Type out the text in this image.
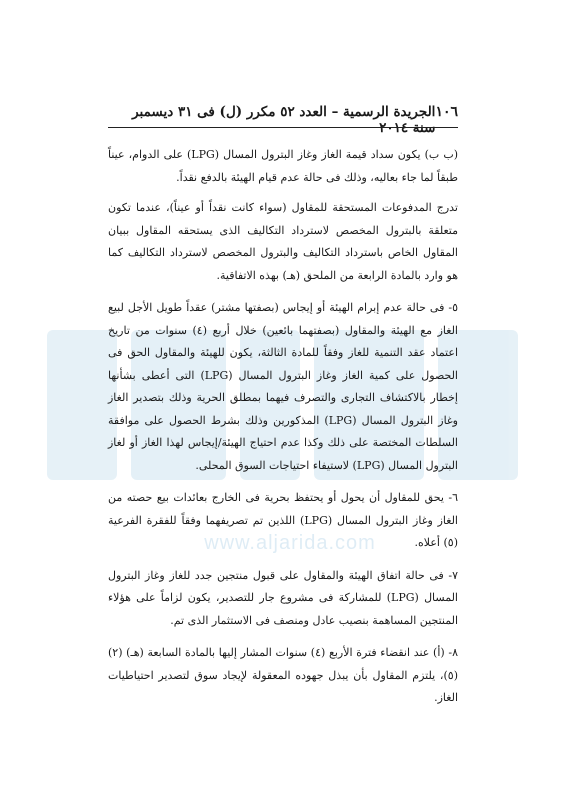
www.aljarida.com
١٠٦
الجريدة الرسمية – العدد ٥٢ مكرر (ل) فى ٣١ ديسمبر سنة ٢٠١٤

(ب ب) يكون سداد قيمة الغاز وغاز البترول المسال (LPG) على الدوام، عيناً طبقاً لما جاء بعاليه، وذلك فى حالة عدم قيام الهيئة بالدفع نقداً.

تدرج المدفوعات المستحقة للمقاول (سواء كانت نقداً أو عيناً)، عندما تكون متعلقة بالبترول المخصص لاسترداد التكاليف الذى يستحقه المقاول ببيان المقاول الخاص باسترداد التكاليف والبترول المخصص لاسترداد التكاليف كما هو وارد بالمادة الرابعة من الملحق (هـ) بهذه الاتفاقية.

٥- فى حالة عدم إبرام الهيئة أو إيجاس (بصفتها مشتر) عقداً طويل الأجل لبيع الغاز مع الهيئة والمقاول (بصفتهما بائعين) خلال أربع (٤) سنوات من تاريخ اعتماد عقد التنمية للغاز وفقاً للمادة الثالثة، يكون للهيئة والمقاول الحق فى الحصول على كمية الغاز وغاز البترول المسال (LPG) التى أعطى بشأنها إخطار بالاكتشاف التجارى والتصرف فيهما بمطلق الحرية وذلك بتصدير الغاز وغاز البترول المسال (LPG) المذكورين وذلك بشرط الحصول على موافقة السلطات المختصة على ذلك وكذا عدم احتياج الهيئة/إيجاس لهذا الغاز أو لغاز البترول المسال (LPG) لاستيفاء احتياجات السوق المحلى.

٦- يحق للمقاول أن يحول أو يحتفظ بحرية فى الخارج بعائدات بيع حصته من الغاز وغاز البترول المسال (LPG) اللذين تم تصريفهما وفقاً للفقرة الفرعية (٥) أعلاه.

٧- فى حالة اتفاق الهيئة والمقاول على قبول منتجين جدد للغاز وغاز البترول المسال (LPG) للمشاركة فى مشروع جار للتصدير، يكون لزاماً على هؤلاء المنتجين المساهمة بنصيب عادل ومنصف فى الاستثمار الذى تم.

٨- (أ) عند انقضاء فترة الأربع (٤) سنوات المشار إليها بالمادة السابعة (هـ) (٢) (٥)، يلتزم المقاول بأن يبذل جهوده المعقولة لإيجاد سوق لتصدير احتياطيات الغاز.
